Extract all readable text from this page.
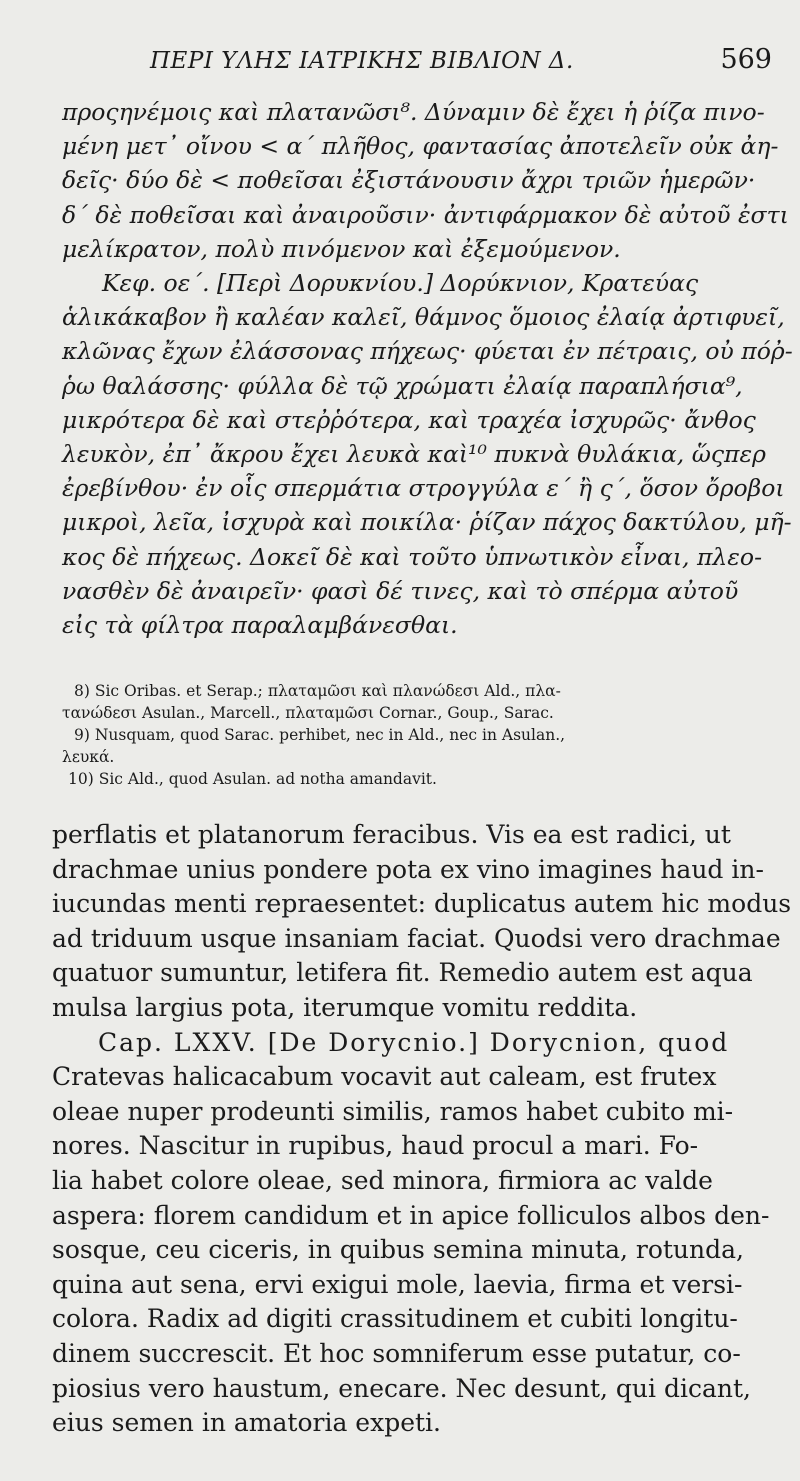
ΠΕΡΙ ΥΛΗΣ ΙΑΤΡΙΚΗΣ ΒΙΒΛΙΟΝ Δ.	569
προςηνέμοις καὶ πλατανῶσι⁸. Δύναμιν δὲ ἔχει ἡ ῥίζα πινο-
μένη μετ᾽ οἴνου < α΄ πλῆθος, φαντασίας ἀποτελεῖν οὐκ ἀη-
δεῖς· δύο δὲ < ποθεῖσαι ἐξιστάνουσιν ἄχρι τριῶν ἡμερῶν·
δ΄ δὲ ποθεῖσαι καὶ ἀναιροῦσιν· ἀντιφάρμακον δὲ αὐτοῦ ἐστι
μελίκρατον, πολὺ πινόμενον καὶ ἐξεμούμενον.
Κεφ. οε΄. [Περὶ Δορυκνίου.] Δορύκνιον, Κρατεύας
ἁλικάκαβον ἢ καλέαν καλεῖ, θάμνος ὅμοιος ἐλαίᾳ ἀρτιφυεῖ,
κλῶνας ἔχων ἐλάσσονας πήχεως· φύεται ἐν πέτραις, οὐ πόῤ-
ῥω θαλάσσης· φύλλα δὲ τῷ χρώματι ἐλαίᾳ παραπλήσια⁹,
μικρότερα δὲ καὶ στεῤῥότερα, καὶ τραχέα ἰσχυρῶς· ἄνθος
λευκὸν, ἐπ᾽ ἄκρου ἔχει λευκὰ καὶ¹⁰ πυκνὰ θυλάκια, ὥςπερ
ἐρεβίνθου· ἐν οἷς σπερμάτια στρογγύλα ε΄ ἢ ς΄, ὅσον ὄροβοι
μικροὶ, λεῖα, ἰσχυρὰ καὶ ποικίλα· ῥίζαν πάχος δακτύλου, μῆ-
κος δὲ πήχεως. Δοκεῖ δὲ καὶ τοῦτο ὑπνωτικὸν εἶναι, πλεο-
νασθὲν δὲ ἀναιρεῖν· φασὶ δέ τινες, καὶ τὸ σπέρμα αὐτοῦ
εἰς τὰ φίλτρα παραλαμβάνεσθαι.
8) Sic Oribas. et Serap.; πλαταμῶσι καὶ πλανώδεσι Ald., πλα-
τανώδεσι Asulan., Marcell., πλαταμῶσι Cornar., Goup., Sarac.
9) Nusquam, quod Sarac. perhibet, nec in Ald., nec in Asulan.,
λευκά.
10) Sic Ald., quod Asulan. ad notha amandavit.
perflatis et platanorum feracibus. Vis ea est radici, ut
drachmae unius pondere pota ex vino imagines haud in-
iucundas menti repraesentet: duplicatus autem hic modus
ad triduum usque insaniam faciat. Quodsi vero drachmae
quatuor sumuntur, letifera fit. Remedio autem est aqua
mulsa largius pota, iterumque vomitu reddita.
Cap. LXXV. [De Dorycnio.] Dorycnion, quod
Cratevas halicacabum vocavit aut caleam, est frutex
oleae nuper prodeunti similis, ramos habet cubito mi-
nores. Nascitur in rupibus, haud procul a mari. Fo-
lia habet colore oleae, sed minora, firmiora ac valde
aspera: florem candidum et in apice folliculos albos den-
sosque, ceu ciceris, in quibus semina minuta, rotunda,
quina aut sena, ervi exigui mole, laevia, firma et versi-
colora. Radix ad digiti crassitudinem et cubiti longitu-
dinem succrescit. Et hoc somniferum esse putatur, co-
piosius vero haustum, enecare. Nec desunt, qui dicant,
eius semen in amatoria expeti.
